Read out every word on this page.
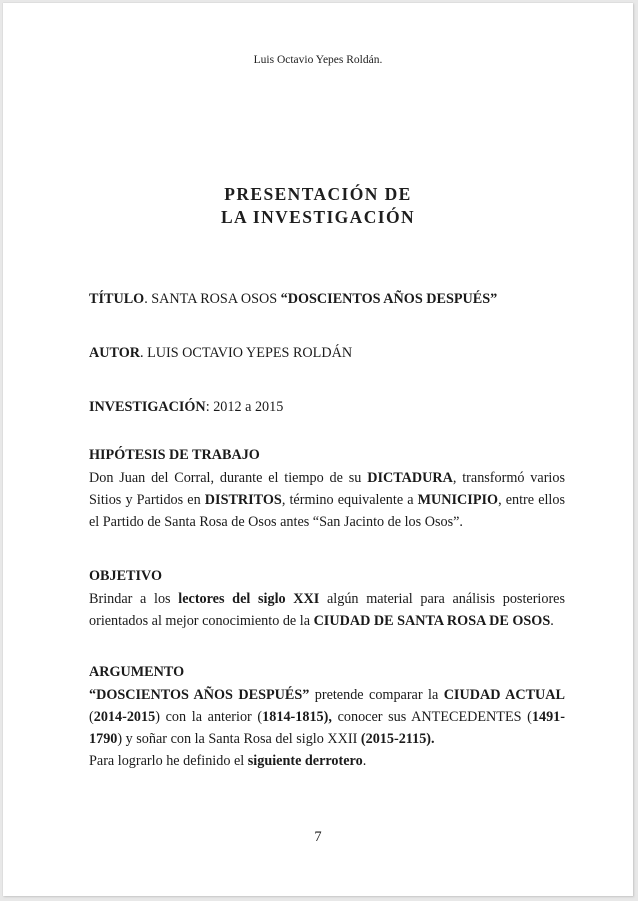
Luis Octavio Yepes Roldán.
PRESENTACIÓN DE
LA INVESTIGACIÓN
TÍTULO. SANTA ROSA OSOS “DOSCIENTOS AÑOS DESPUÉS”
AUTOR. LUIS OCTAVIO YEPES ROLDÁN
INVESTIGACIÓN: 2012 a 2015
HIPÓTESIS DE TRABAJO
Don Juan del Corral, durante el tiempo de su DICTADURA, transformó varios Sitios y Partidos en DISTRITOS, término equivalente a MUNICIPIO, entre ellos el Partido de Santa Rosa de Osos antes “San Jacinto de los Osos”.
OBJETIVO
Brindar a los lectores del siglo XXI algún material para análisis posteriores orientados al mejor conocimiento de la CIUDAD DE SANTA ROSA DE OSOS.
ARGUMENTO
“DOSCIENTOS AÑOS DESPUÉS” pretende comparar la CIUDAD ACTUAL (2014-2015) con la anterior (1814-1815), conocer sus ANTECEDENTES (1491-1790) y soñar con la Santa Rosa del siglo XXII (2015-2115).
Para lograrlo he definido el siguiente derrotero.
7
